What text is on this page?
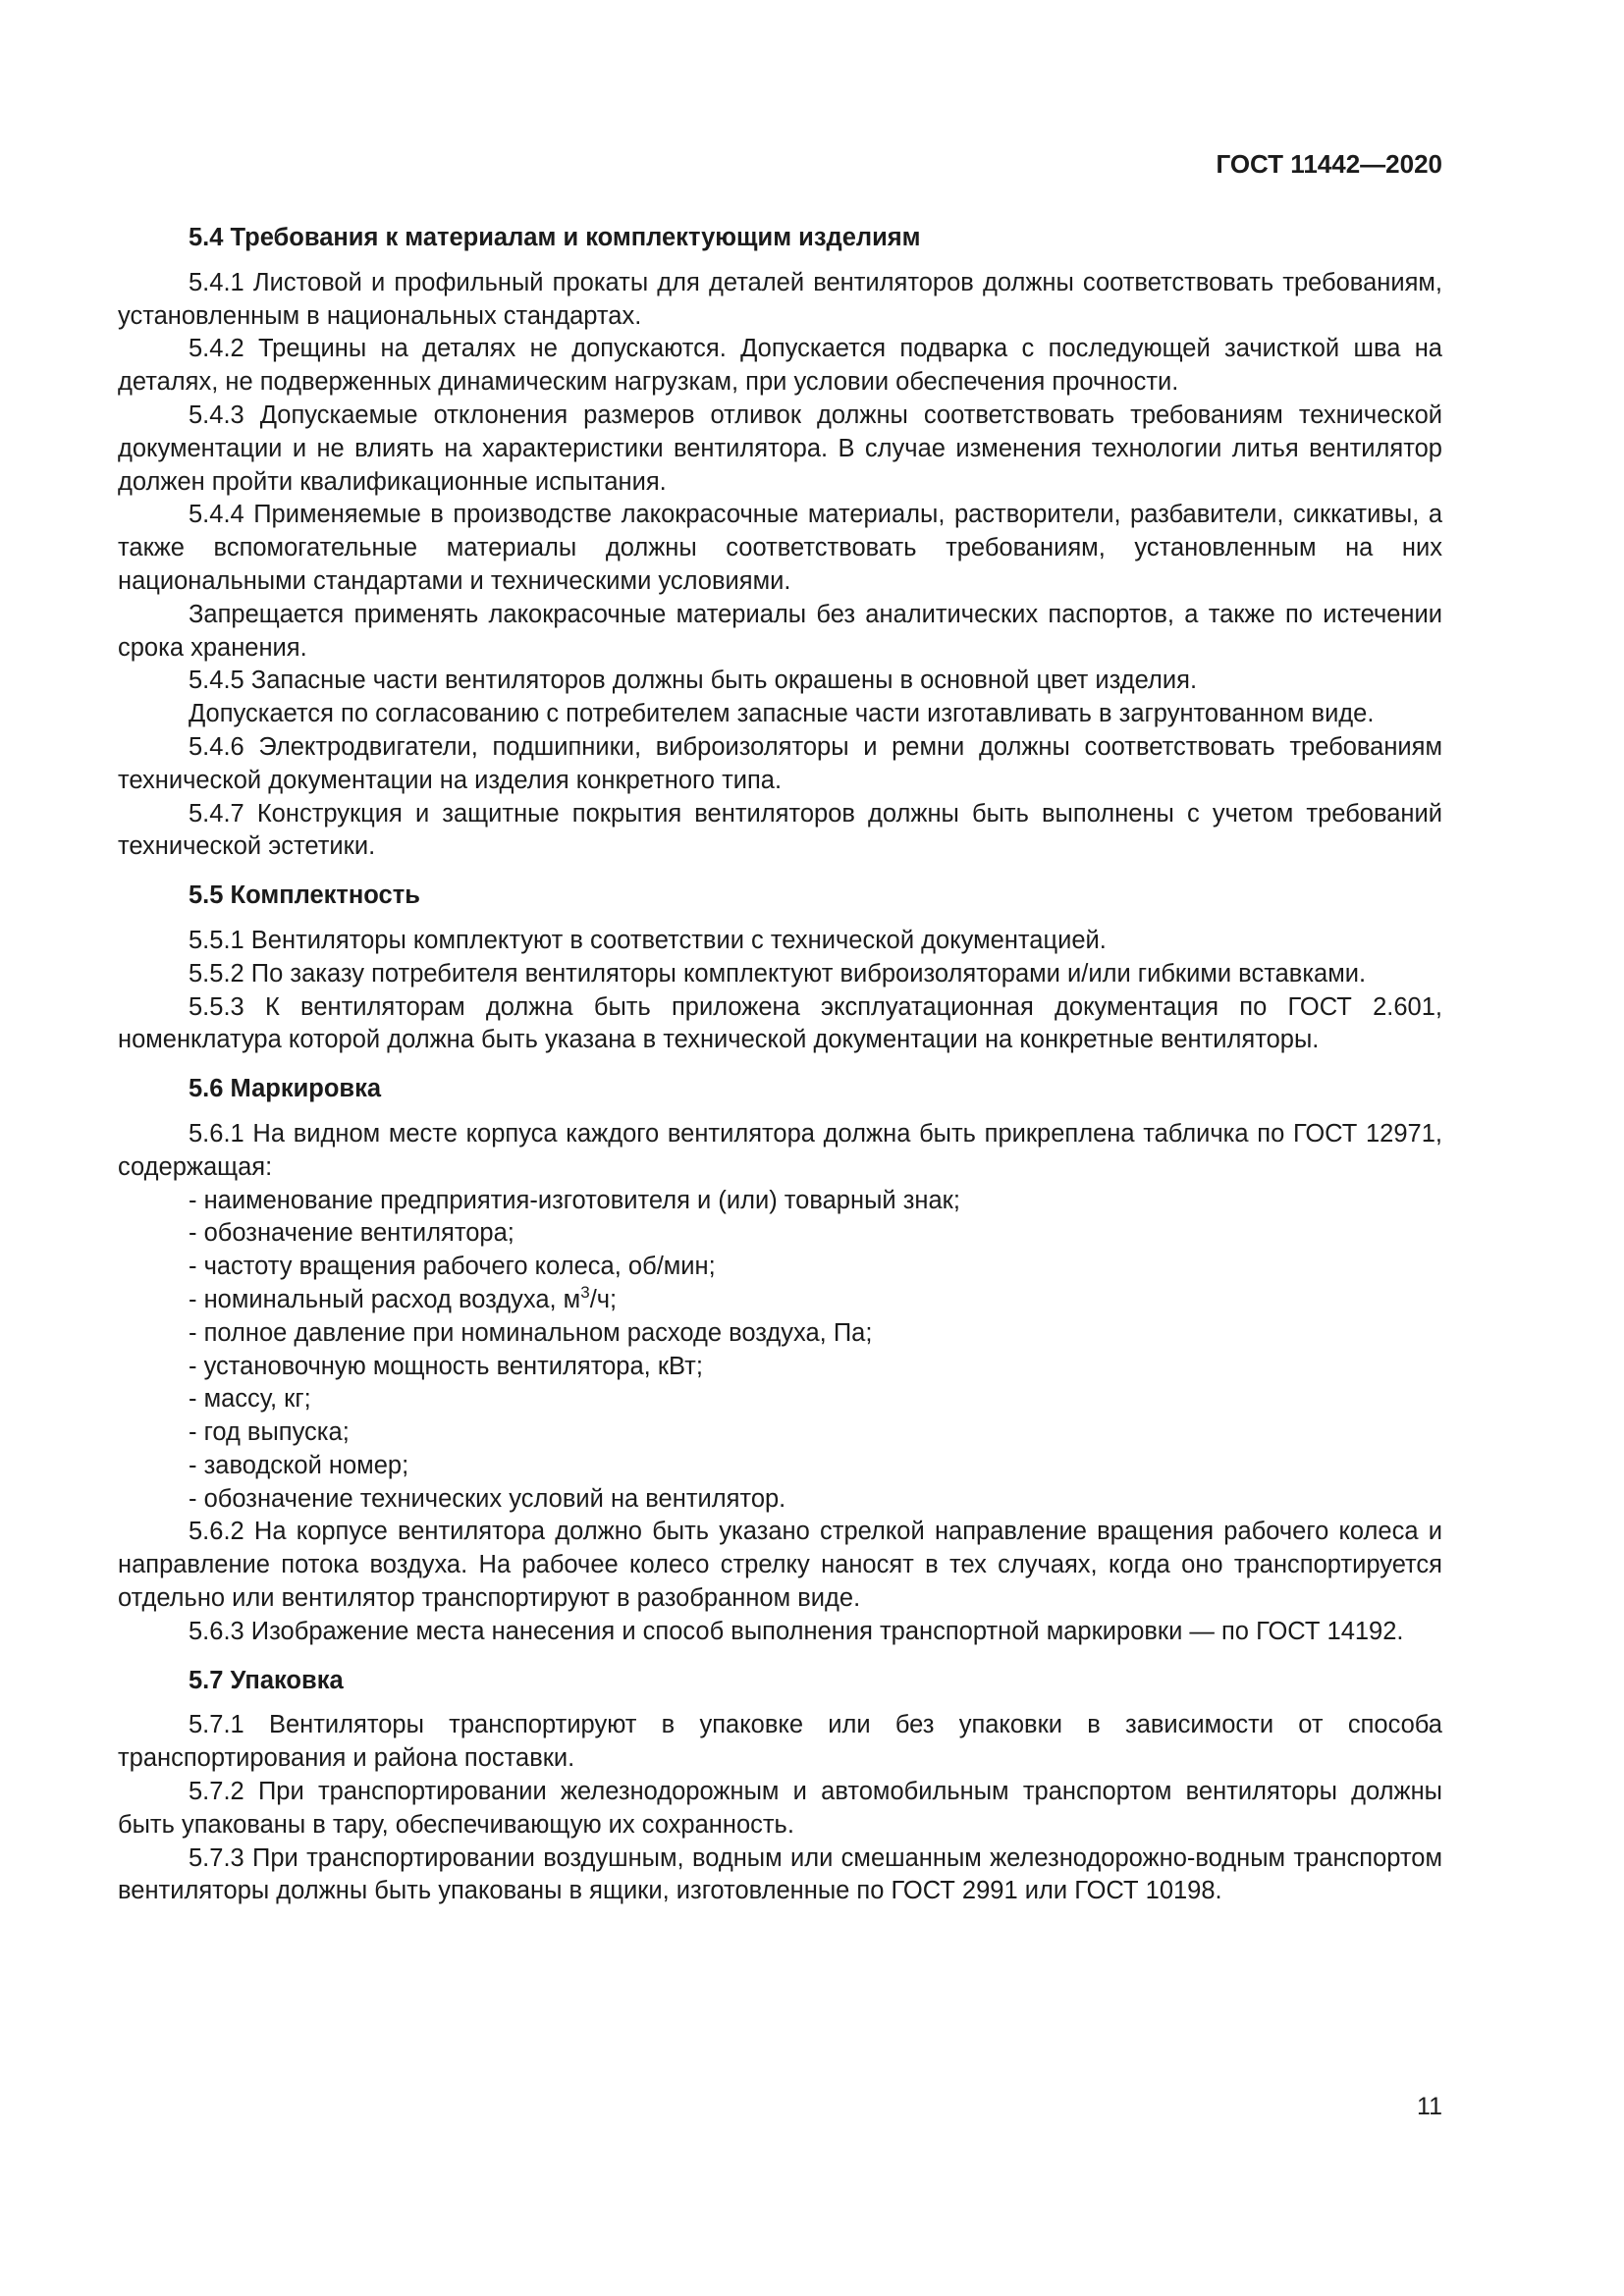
ГОСТ 11442—2020
5.4 Требования к материалам и комплектующим изделиям

5.4.1 Листовой и профильный прокаты для деталей вентиляторов должны соответствовать требованиям, установленным в национальных стандартах.

5.4.2 Трещины на деталях не допускаются. Допускается подварка с последующей зачисткой шва на деталях, не подверженных динамическим нагрузкам, при условии обеспечения прочности.

5.4.3 Допускаемые отклонения размеров отливок должны соответствовать требованиям технической документации и не влиять на характеристики вентилятора. В случае изменения технологии литья вентилятор должен пройти квалификационные испытания.

5.4.4 Применяемые в производстве лакокрасочные материалы, растворители, разбавители, сиккативы, а также вспомогательные материалы должны соответствовать требованиям, установленным на них национальными стандартами и техническими условиями.

Запрещается применять лакокрасочные материалы без аналитических паспортов, а также по истечении срока хранения.

5.4.5 Запасные части вентиляторов должны быть окрашены в основной цвет изделия.

Допускается по согласованию с потребителем запасные части изготавливать в загрунтованном виде.

5.4.6 Электродвигатели, подшипники, виброизоляторы и ремни должны соответствовать требованиям технической документации на изделия конкретного типа.

5.4.7 Конструкция и защитные покрытия вентиляторов должны быть выполнены с учетом требований технической эстетики.

5.5 Комплектность

5.5.1 Вентиляторы комплектуют в соответствии с технической документацией.

5.5.2 По заказу потребителя вентиляторы комплектуют виброизоляторами и/или гибкими вставками.

5.5.3 К вентиляторам должна быть приложена эксплуатационная документация по ГОСТ 2.601, номенклатура которой должна быть указана в технической документации на конкретные вентиляторы.

5.6 Маркировка

5.6.1 На видном месте корпуса каждого вентилятора должна быть прикреплена табличка по ГОСТ 12971, содержащая:

- наименование предприятия-изготовителя и (или) товарный знак;
- обозначение вентилятора;
- частоту вращения рабочего колеса, об/мин;
- номинальный расход воздуха, $м^3/ч$;
- полное давление при номинальном расходе воздуха, Па;
- установочную мощность вентилятора, кВт;
- массу, кг;
- год выпуска;
- заводской номер;
- обозначение технических условий на вентилятор.

5.6.2 На корпусе вентилятора должно быть указано стрелкой направление вращения рабочего колеса и направление потока воздуха. На рабочее колесо стрелку наносят в тех случаях, когда оно транспортируется отдельно или вентилятор транспортируют в разобранном виде.

5.6.3 Изображение места нанесения и способ выполнения транспортной маркировки — по ГОСТ 14192.

5.7 Упаковка

5.7.1 Вентиляторы транспортируют в упаковке или без упаковки в зависимости от способа транспортирования и района поставки.

5.7.2 При транспортировании железнодорожным и автомобильным транспортом вентиляторы должны быть упакованы в тару, обеспечивающую их сохранность.

5.7.3 При транспортировании воздушным, водным или смешанным железнодорожно-водным транспортом вентиляторы должны быть упакованы в ящики, изготовленные по ГОСТ 2991 или ГОСТ 10198.

11
